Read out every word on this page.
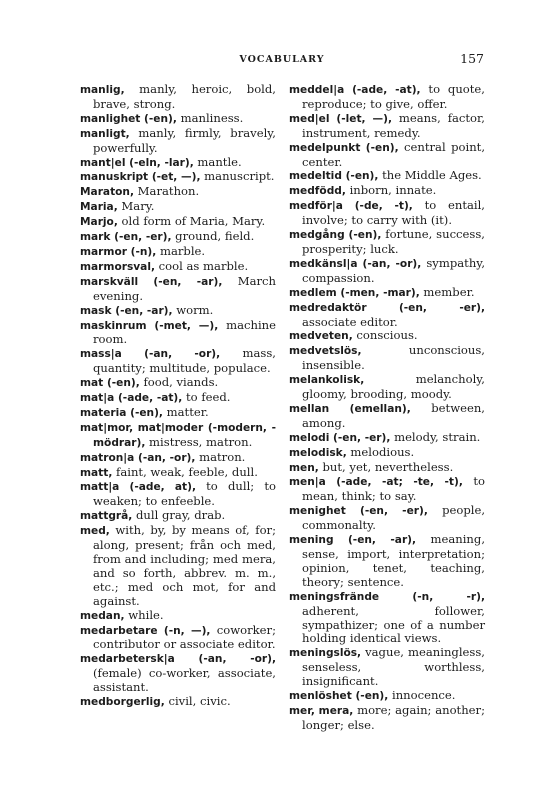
VOCABULARY	157
manlig, manly, heroic, bold, brave, strong.
manlighet (-en), manliness.
manligt, manly, firmly, bravely, powerfully.
mant|el (-eln, -lar), mantle.
manuskript (-et, —), manuscript.
Maraton, Marathon.
Maria, Mary.
Marjo, old form of Maria, Mary.
mark (-en, -er), ground, field.
marmor (-n), marble.
marmorsval, cool as marble.
marskväll (-en, -ar), March evening.
mask (-en, -ar), worm.
maskinrum (-met, —), machine room.
mass|a (-an, -or), mass, quantity; multitude, populace.
mat (-en), food, viands.
mat|a (-ade, -at), to feed.
materia (-en), matter.
mat|mor, mat|moder (-modern, -mödrar), mistress, matron.
matron|a (-an, -or), matron.
matt, faint, weak, feeble, dull.
matt|a (-ade, at), to dull; to weaken; to enfeeble.
mattgrå, dull gray, drab.
med, with, by, by means of, for; along, present; från och med, from and including; med mera, and so forth, abbrev. m. m., etc.; med och mot, for and against.
medan, while.
medarbetare (-n, —), coworker; contributor or associate editor.
medarbetersk|a (-an, -or), (female) co-worker, associate, assistant.
medborgerlig, civil, civic.
meddel|a (-ade, -at), to quote, reproduce; to give, offer.
med|el (-let, —), means, factor, instrument, remedy.
medelpunkt (-en), central point, center.
medeltid (-en), the Middle Ages.
medfödd, inborn, innate.
medför|a (-de, -t), to entail, involve; to carry with (it).
medgång (-en), fortune, success, prosperity; luck.
medkänsl|a (-an, -or), sympathy, compassion.
medlem (-men, -mar), member.
medredaktör (-en, -er), associate editor.
medveten, conscious.
medvetslös, unconscious, insensible.
melankolisk, melancholy, gloomy, brooding, moody.
mellan (emellan), between, among.
melodi (-en, -er), melody, strain.
melodisk, melodious.
men, but, yet, nevertheless.
men|a (-ade, -at; -te, -t), to mean, think; to say.
menighet (-en, -er), people, commonalty.
mening (-en, -ar), meaning, sense, import, interpretation; opinion, tenet, teaching, theory; sentence.
meningsfrände (-n, -r), adherent, follower, sympathizer; one of a number holding identical views.
meningslös, vague, meaningless, senseless, worthless, insignificant.
menlöshet (-en), innocence.
mer, mera, more; again; another; longer; else.
